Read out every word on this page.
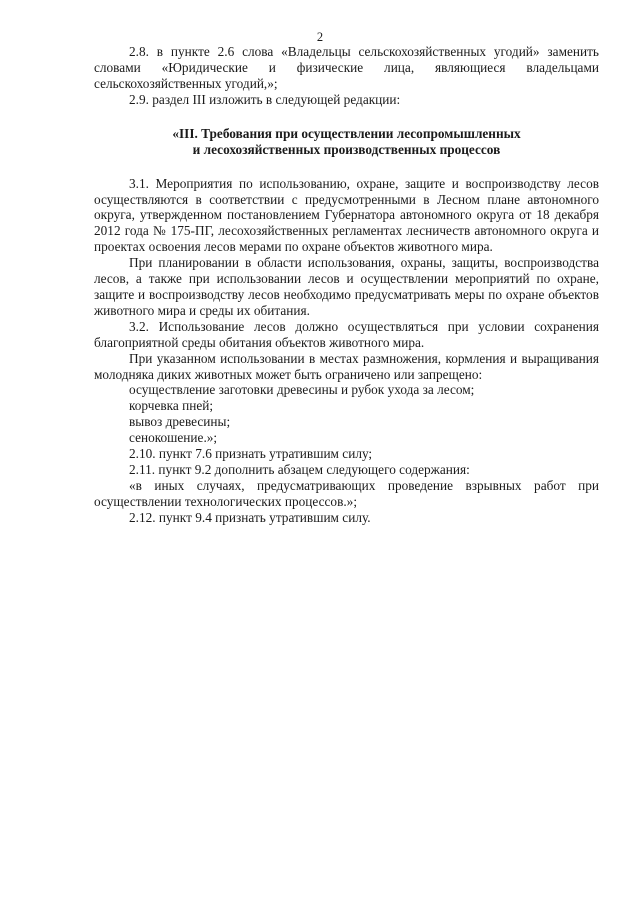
2

2.8. в пункте 2.6 слова «Владельцы сельскохозяйственных угодий» заменить словами «Юридические и физические лица, являющиеся владельцами сельскохозяйственных угодий,»;

2.9. раздел III изложить в следующей редакции:

«III. Требования при осуществлении лесопромышленных
и лесохозяйственных производственных процессов

3.1. Мероприятия по использованию, охране, защите и воспроизводству лесов осуществляются в соответствии с предусмотренными в Лесном плане автономного округа, утвержденном постановлением Губернатора автономного округа от 18 декабря 2012 года № 175-ПГ, лесохозяйственных регламентах лесничеств автономного округа и проектах освоения лесов мерами по охране объектов животного мира.

При планировании в области использования, охраны, защиты, воспроизводства лесов, а также при использовании лесов и осуществлении мероприятий по охране, защите и воспроизводству лесов необходимо предусматривать меры по охране объектов животного мира и среды их обитания.

3.2. Использование лесов должно осуществляться при условии сохранения благоприятной среды обитания объектов животного мира.

При указанном использовании в местах размножения, кормления и выращивания молодняка диких животных может быть ограничено или запрещено:

осуществление заготовки древесины и рубок ухода за лесом;

корчевка пней;

вывоз древесины;

сенокошение.»;

2.10. пункт 7.6 признать утратившим силу;

2.11. пункт 9.2 дополнить абзацем следующего содержания:

«в иных случаях, предусматривающих проведение взрывных работ при осуществлении технологических процессов.»;

2.12. пункт 9.4 признать утратившим силу.
